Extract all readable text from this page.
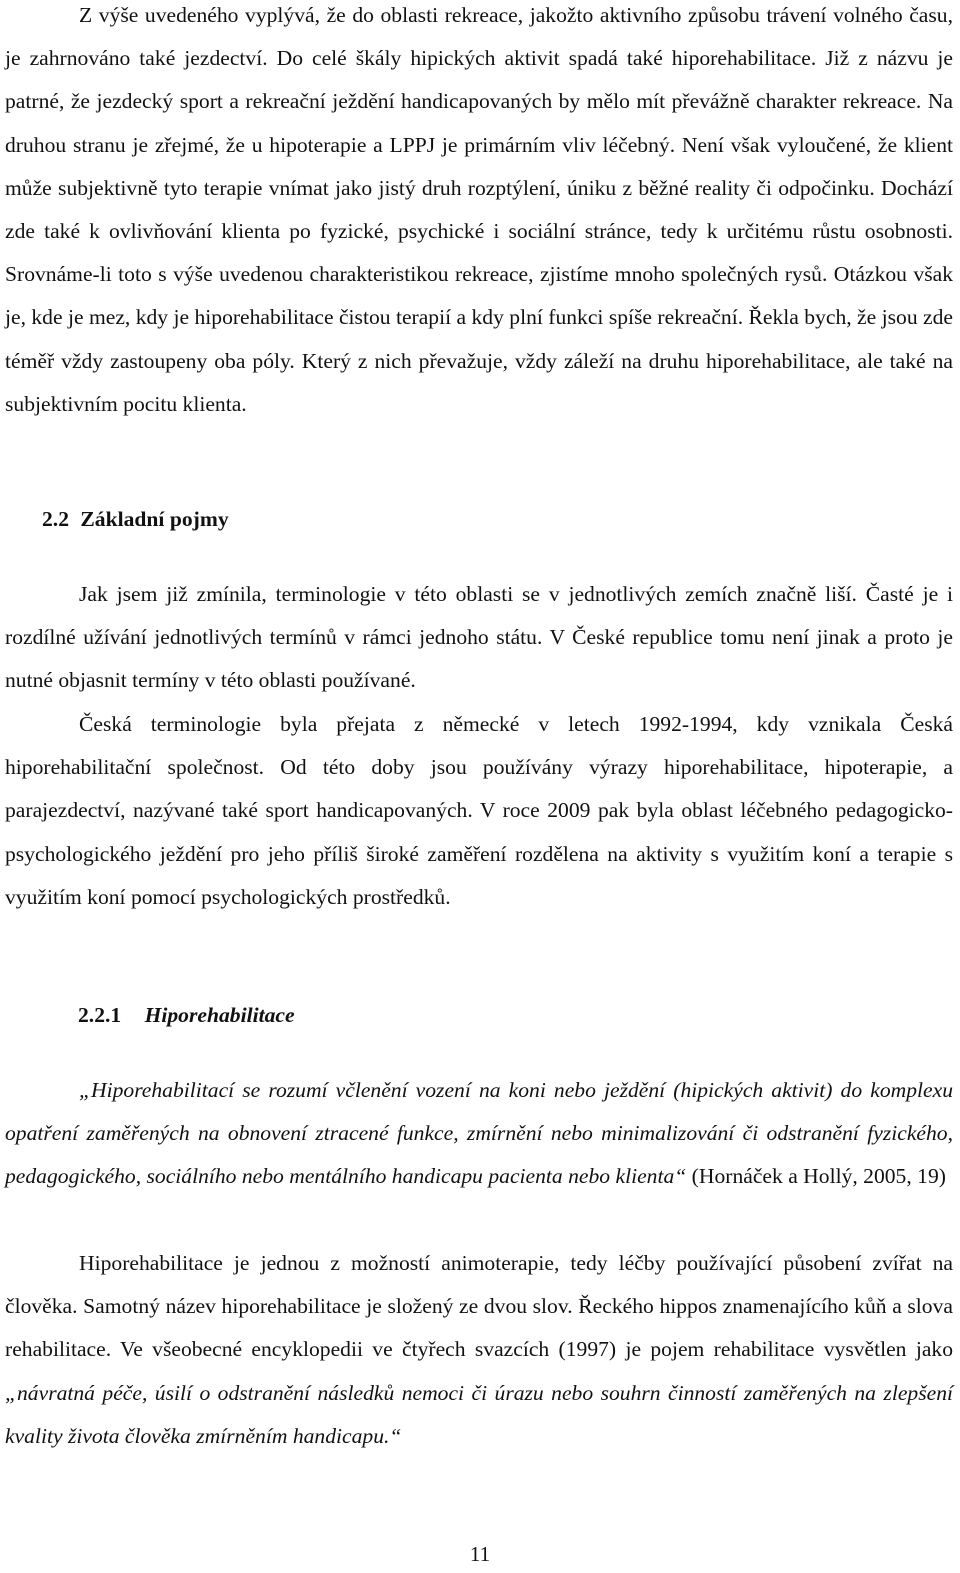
Z výše uvedeného vyplývá, že do oblasti rekreace, jakožto aktivního způsobu trávení volného času, je zahrnováno také jezdectví. Do celé škály hipických aktivit spadá také hiporehabilitace. Již z názvu je patrné, že jezdecký sport a rekreační ježdění handicapovaných by mělo mít převážně charakter rekreace. Na druhou stranu je zřejmé, že u hipoterapie a LPPJ je primárním vliv léčebný. Není však vyloučené, že klient může subjektivně tyto terapie vnímat jako jistý druh rozptýlení, úniku z běžné reality či odpočinku. Dochází zde také k ovlivňování klienta po fyzické, psychické i sociální stránce, tedy k určitému růstu osobnosti. Srovnáme-li toto s výše uvedenou charakteristikou rekreace, zjistíme mnoho společných rysů. Otázkou však je, kde je mez, kdy je hiporehabilitace čistou terapií a kdy plní funkci spíše rekreační. Řekla bych, že jsou zde téměř vždy zastoupeny oba póly. Který z nich převažuje, vždy záleží na druhu hiporehabilitace, ale také na subjektivním pocitu klienta.

2.2 Základní pojmy

Jak jsem již zmínila, terminologie v této oblasti se v jednotlivých zemích značně liší. Časté je i rozdílné užívání jednotlivých termínů v rámci jednoho státu. V České republice tomu není jinak a proto je nutné objasnit termíny v této oblasti používané.

Česká terminologie byla přejata z německé v letech 1992-1994, kdy vznikala Česká hiporehabilitační společnost. Od této doby jsou používány výrazy hiporehabilitace, hipoterapie, a parajezdectví, nazývané také sport handicapovaných. V roce 2009 pak byla oblast léčebného pedagogicko-psychologického ježdění pro jeho příliš široké zaměření rozdělena na aktivity s využitím koní a terapie s využitím koní pomocí psychologických prostředků.

2.2.1 Hiporehabilitace

„Hiporehabilitací se rozumí včlenění vození na koni nebo ježdění (hipických aktivit) do komplexu opatření zaměřených na obnovení ztracené funkce, zmírnění nebo minimalizování či odstranění fyzického, pedagogického, sociálního nebo mentálního handicapu pacienta nebo klienta“ (Hornáček a Hollý, 2005, 19)

Hiporehabilitace je jednou z možností animoterapie, tedy léčby používající působení zvířat na člověka. Samotný název hiporehabilitace je složený ze dvou slov. Řeckého hippos znamenajícího kůň a slova rehabilitace. Ve všeobecné encyklopedii ve čtyřech svazcích (1997) je pojem rehabilitace vysvětlen jako „návratná péče, úsilí o odstranění následků nemoci či úrazu nebo souhrn činností zaměřených na zlepšení kvality života člověka zmírněním handicapu.“

11
